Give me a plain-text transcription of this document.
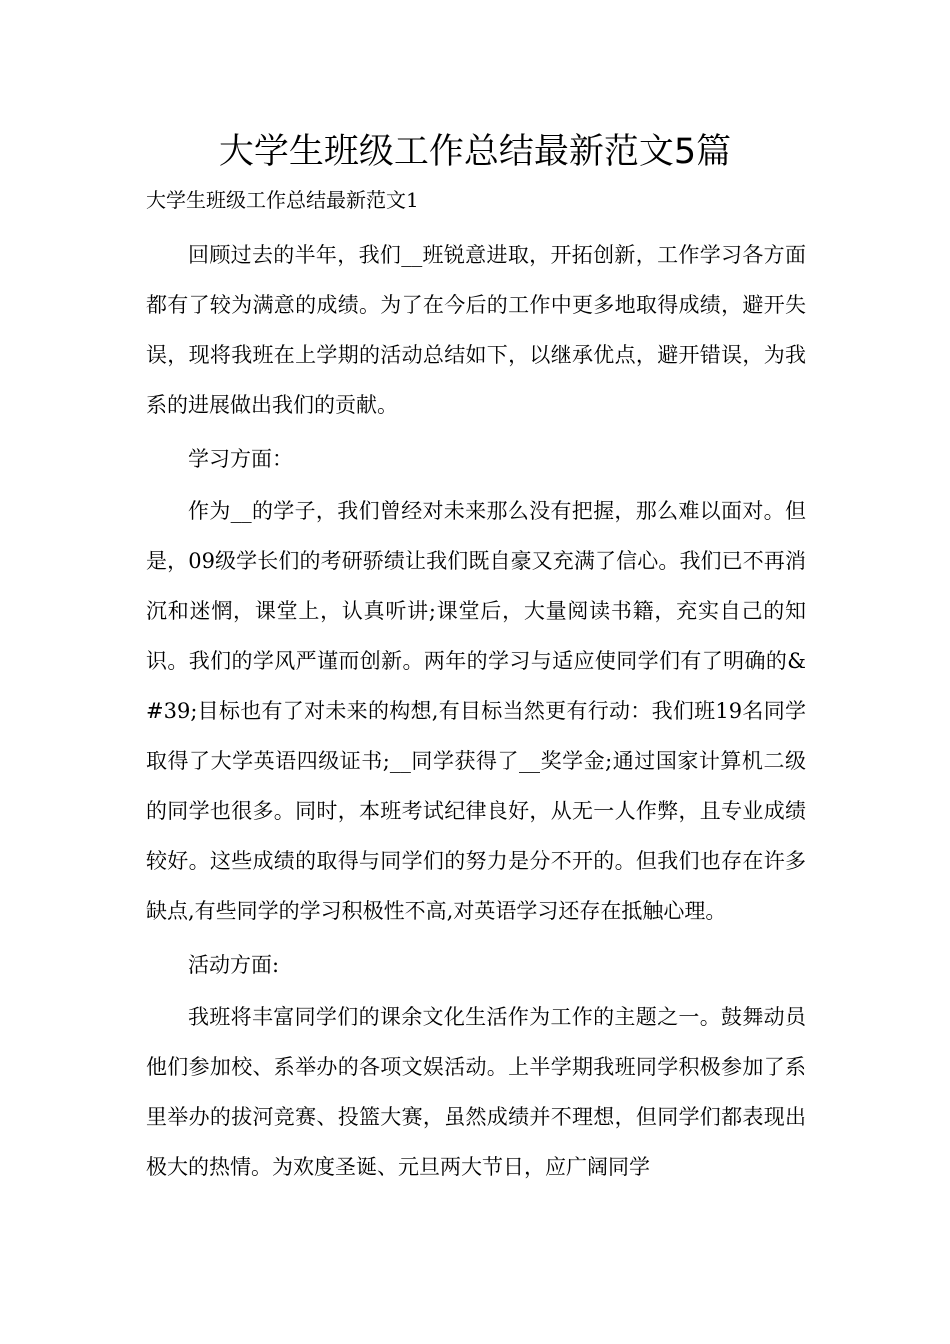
大学生班级工作总结最新范文5篇

大学生班级工作总结最新范文1

回顾过去的半年，我们__班锐意进取，开拓创新，工作学习各方面都有了较为满意的成绩。为了在今后的工作中更多地取得成绩，避开失误，现将我班在上学期的活动总结如下，以继承优点，避开错误，为我系的进展做出我们的贡献。

学习方面：

作为__的学子，我们曾经对未来那么没有把握，那么难以面对。但是，09级学长们的考研骄绩让我们既自豪又充满了信心。我们已不再消沉和迷惘，课堂上，认真听讲;课堂后，大量阅读书籍，充实自己的知识。我们的学风严谨而创新。两年的学习与适应使同学们有了明确的&#39;目标也有了对未来的构想,有目标当然更有行动：我们班19名同学取得了大学英语四级证书;__同学获得了__奖学金;通过国家计算机二级的同学也很多。同时，本班考试纪律良好，从无一人作弊，且专业成绩较好。这些成绩的取得与同学们的努力是分不开的。但我们也存在许多缺点,有些同学的学习积极性不高,对英语学习还存在抵触心理。

活动方面:

我班将丰富同学们的课余文化生活作为工作的主题之一。鼓舞动员他们参加校、系举办的各项文娱活动。上半学期我班同学积极参加了系里举办的拔河竞赛、投篮大赛，虽然成绩并不理想，但同学们都表现出极大的热情。为欢度圣诞、元旦两大节日，应广阔同学
